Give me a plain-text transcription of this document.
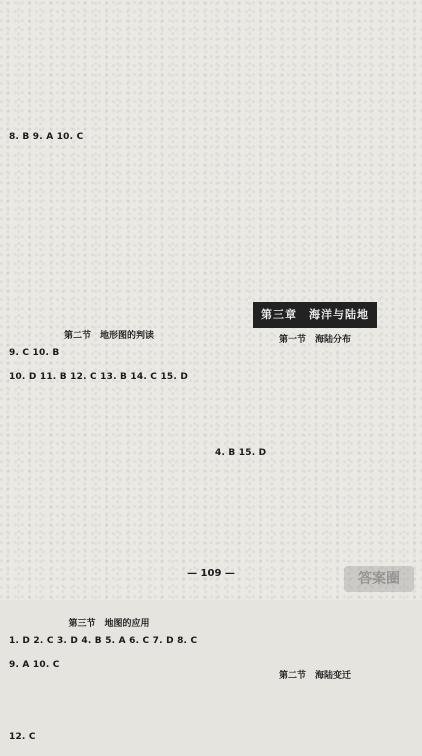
8. B 9. A 10. C
第二节　地形图的判读
9. C 10. B
10. D 11. B 12. C 13. B 14. C 15. D
第三节　地图的应用
1. D 2. C 3. D 4. B 5. A 6. C 7. D 8. C
9. A 10. C
12. C
第三章　海洋与陆地
第一节　海陆分布
4. B 15. D
第二节　海陆变迁
— 109 —	答案圈
